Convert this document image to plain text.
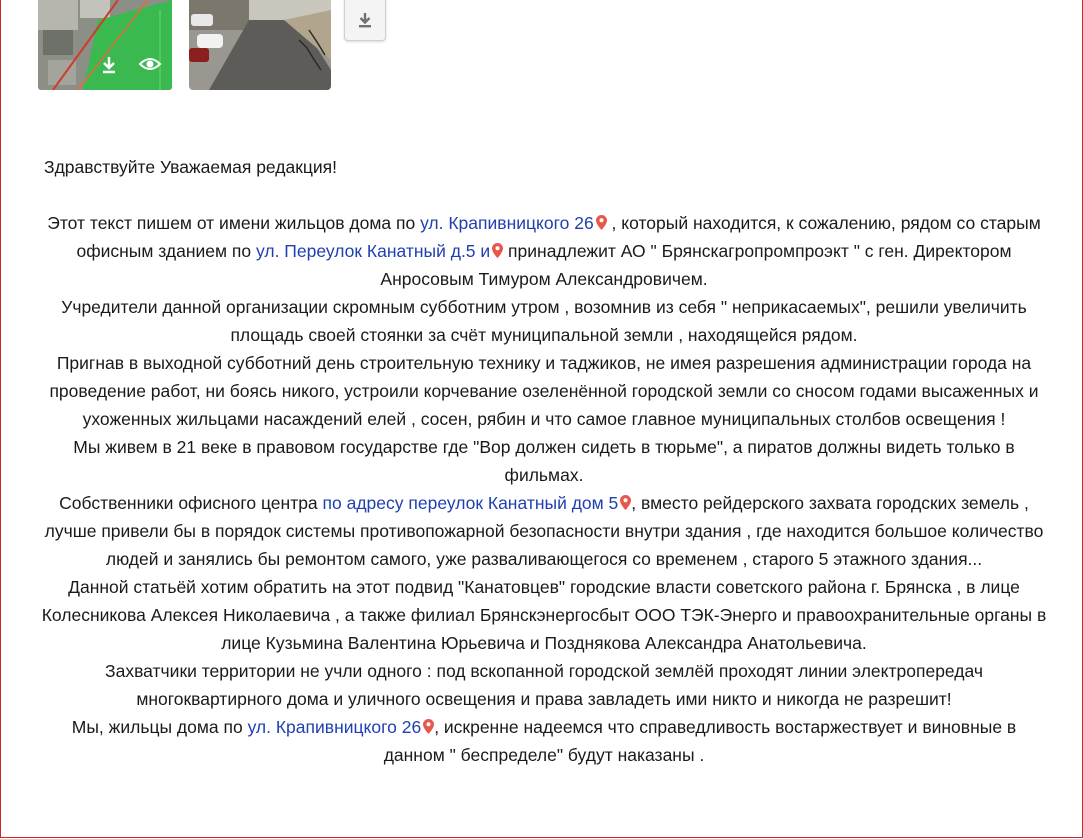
Здравствуйте Уважаемая редакция!

Этот текст пишем от имени жильцов дома по ул. Крапивницкого 26 , который находится, к сожалению, рядом со старым офисным зданием по ул. Переулок Канатный д.5 и принадлежит АО " Брянскагропромпроэкт " с ген. Директором Анросовым Тимуром Александровичем.
Учредители данной организации скромным субботним утром , возомнив из себя " неприкасаемых", решили увеличить площадь своей стоянки за счёт муниципальной земли , находящейся рядом.
Пригнав в выходной субботний день строительную технику и таджиков, не имея разрешения администрации города на проведение работ, ни боясь никого, устроили корчевание озеленённой городской земли со сносом годами высаженных и ухоженных жильцами насаждений елей , сосен, рябин и что самое главное муниципальных столбов освещения !
Мы живем в 21 веке в правовом государстве где "Вор должен сидеть в тюрьме", а пиратов должны видеть только в фильмах.
Собственники офисного центра по адресу переулок Канатный дом 5 , вместо рейдерского захвата городских земель , лучше привели бы в порядок системы противопожарной безопасности внутри здания , где находится большое количество людей и занялись бы ремонтом самого, уже разваливающегося со временем , старого 5 этажного здания...
Данной статьёй хотим обратить на этот подвид "Канатовцев" городские власти советского района г. Брянска , в лице Колесникова Алексея Николаевича , а также филиал Брянскэнергосбыт ООО ТЭК-Энерго и правоохранительные органы в лице Кузьмина Валентина Юрьевича и Позднякова Александра Анатольевича.
Захватчики территории не учли одного : под вскопанной городской землёй проходят линии электропередач многоквартирного дома и уличного освещения и права завладеть ими никто и никогда не разрешит!
Мы, жильцы дома по ул. Крапивницкого 26 , искренне надеемся что справедливость востаржествует и виновные в данном " беспределе" будут наказаны .
